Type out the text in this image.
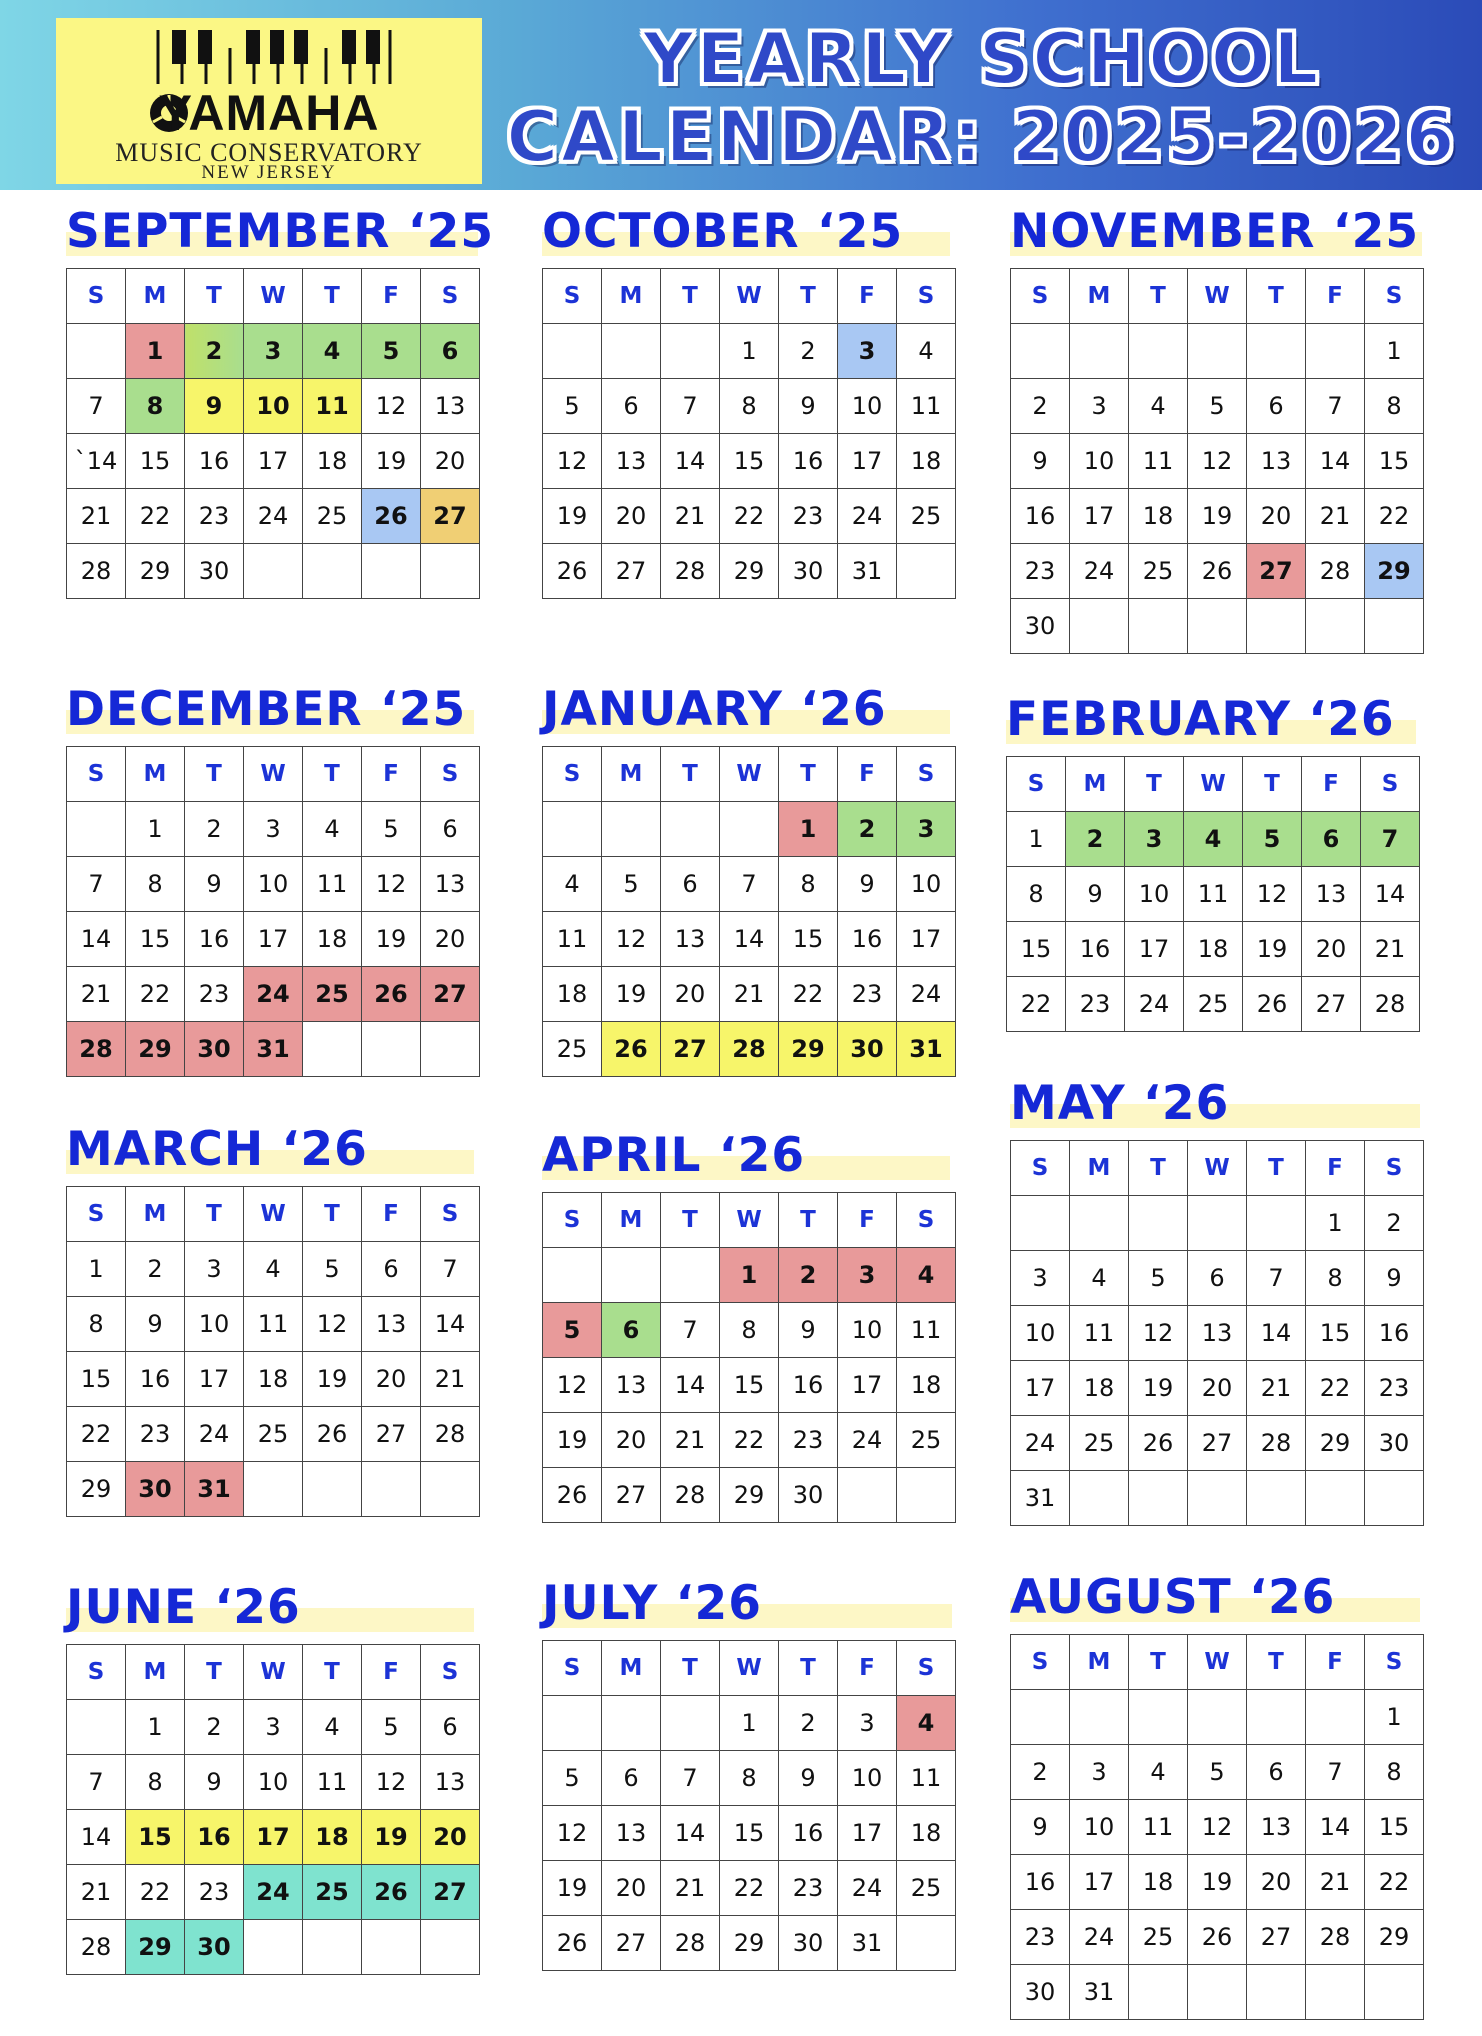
YAMAHA
MUSIC CONSERVATORY
NEW JERSEY
YEARLY SCHOOL
CALENDAR: 2025-2026
SEPTEMBER ‘25
S	M	T	W	T	F	S
	1	2	3	4	5	6
7	8	9	10	11	12	13
`14	15	16	17	18	19	20
21	22	23	24	25	26	27
28	29	30				
OCTOBER ‘25
S	M	T	W	T	F	S
			1	2	3	4
5	6	7	8	9	10	11
12	13	14	15	16	17	18
19	20	21	22	23	24	25
26	27	28	29	30	31	
NOVEMBER ‘25
S	M	T	W	T	F	S
						1
2	3	4	5	6	7	8
9	10	11	12	13	14	15
16	17	18	19	20	21	22
23	24	25	26	27	28	29
30						
DECEMBER ‘25
S	M	T	W	T	F	S
	1	2	3	4	5	6
7	8	9	10	11	12	13
14	15	16	17	18	19	20
21	22	23	24	25	26	27
28	29	30	31			
JANUARY ‘26
S	M	T	W	T	F	S
				1	2	3
4	5	6	7	8	9	10
11	12	13	14	15	16	17
18	19	20	21	22	23	24
25	26	27	28	29	30	31
FEBRUARY ‘26
S	M	T	W	T	F	S
1	2	3	4	5	6	7
8	9	10	11	12	13	14
15	16	17	18	19	20	21
22	23	24	25	26	27	28
MARCH ‘26
S	M	T	W	T	F	S
1	2	3	4	5	6	7
8	9	10	11	12	13	14
15	16	17	18	19	20	21
22	23	24	25	26	27	28
29	30	31				
APRIL ‘26
S	M	T	W	T	F	S
			1	2	3	4
5	6	7	8	9	10	11
12	13	14	15	16	17	18
19	20	21	22	23	24	25
26	27	28	29	30		
MAY ‘26
S	M	T	W	T	F	S
					1	2
3	4	5	6	7	8	9
10	11	12	13	14	15	16
17	18	19	20	21	22	23
24	25	26	27	28	29	30
31						
JUNE ‘26
S	M	T	W	T	F	S
	1	2	3	4	5	6
7	8	9	10	11	12	13
14	15	16	17	18	19	20
21	22	23	24	25	26	27
28	29	30				
JULY ‘26
S	M	T	W	T	F	S
			1	2	3	4
5	6	7	8	9	10	11
12	13	14	15	16	17	18
19	20	21	22	23	24	25
26	27	28	29	30	31	
AUGUST ‘26
S	M	T	W	T	F	S
						1
2	3	4	5	6	7	8
9	10	11	12	13	14	15
16	17	18	19	20	21	22
23	24	25	26	27	28	29
30	31					
